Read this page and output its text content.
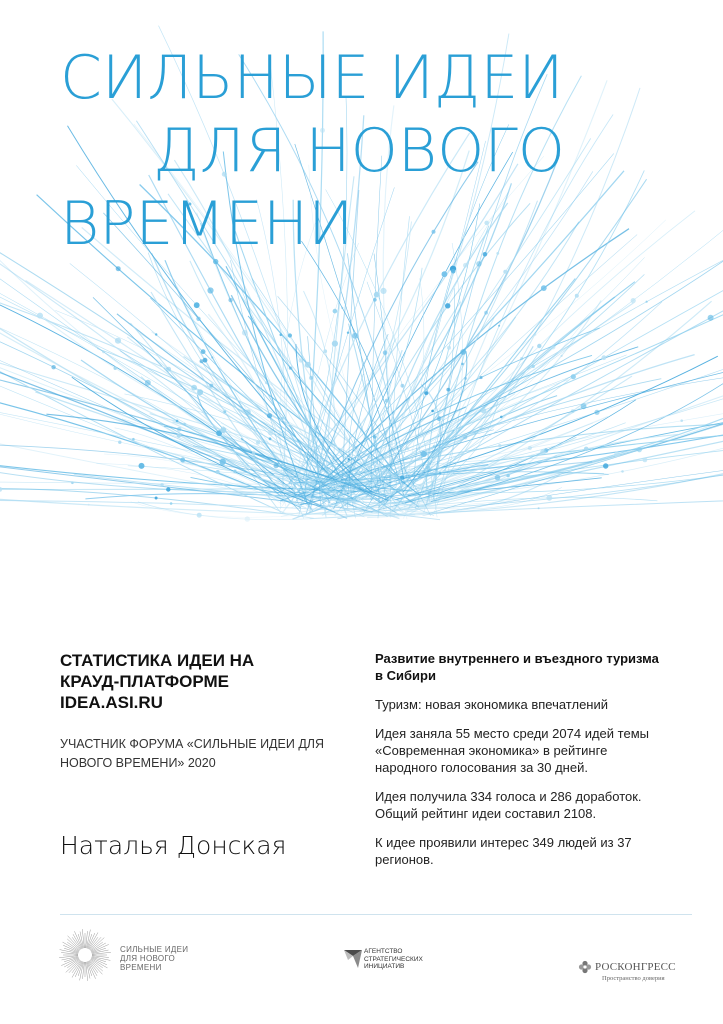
СИЛЬНЫЕ ИДЕИ
ДЛЯ НОВОГО
ВРЕМЕНИ
СТАТИСТИКА ИДЕИ НА
КРАУД-ПЛАТФОРМЕ
IDEA.ASI.RU
УЧАСТНИК ФОРУМА «СИЛЬНЫЕ ИДЕИ ДЛЯ
НОВОГО ВРЕМЕНИ» 2020
Наталья Донская
Развитие внутреннего и въездного туризма
в Сибири
Туризм: новая экономика впечатлений
Идея заняла 55 место среди 2074 идей темы
«Современная экономика» в рейтинге
народного голосования за 30 дней.
Идея получила 334 голоса и 286 доработок.
Общий рейтинг идеи составил 2108.
К идее проявили интерес 349 людей из 37
регионов.
СИЛЬНЫЕ ИДЕИ
ДЛЯ НОВОГО
ВРЕМЕНИ
АГЕНТСТВО
СТРАТЕГИЧЕСКИХ
ИНИЦИАТИВ	РОСКОНГРЕСС
Пространство доверия
